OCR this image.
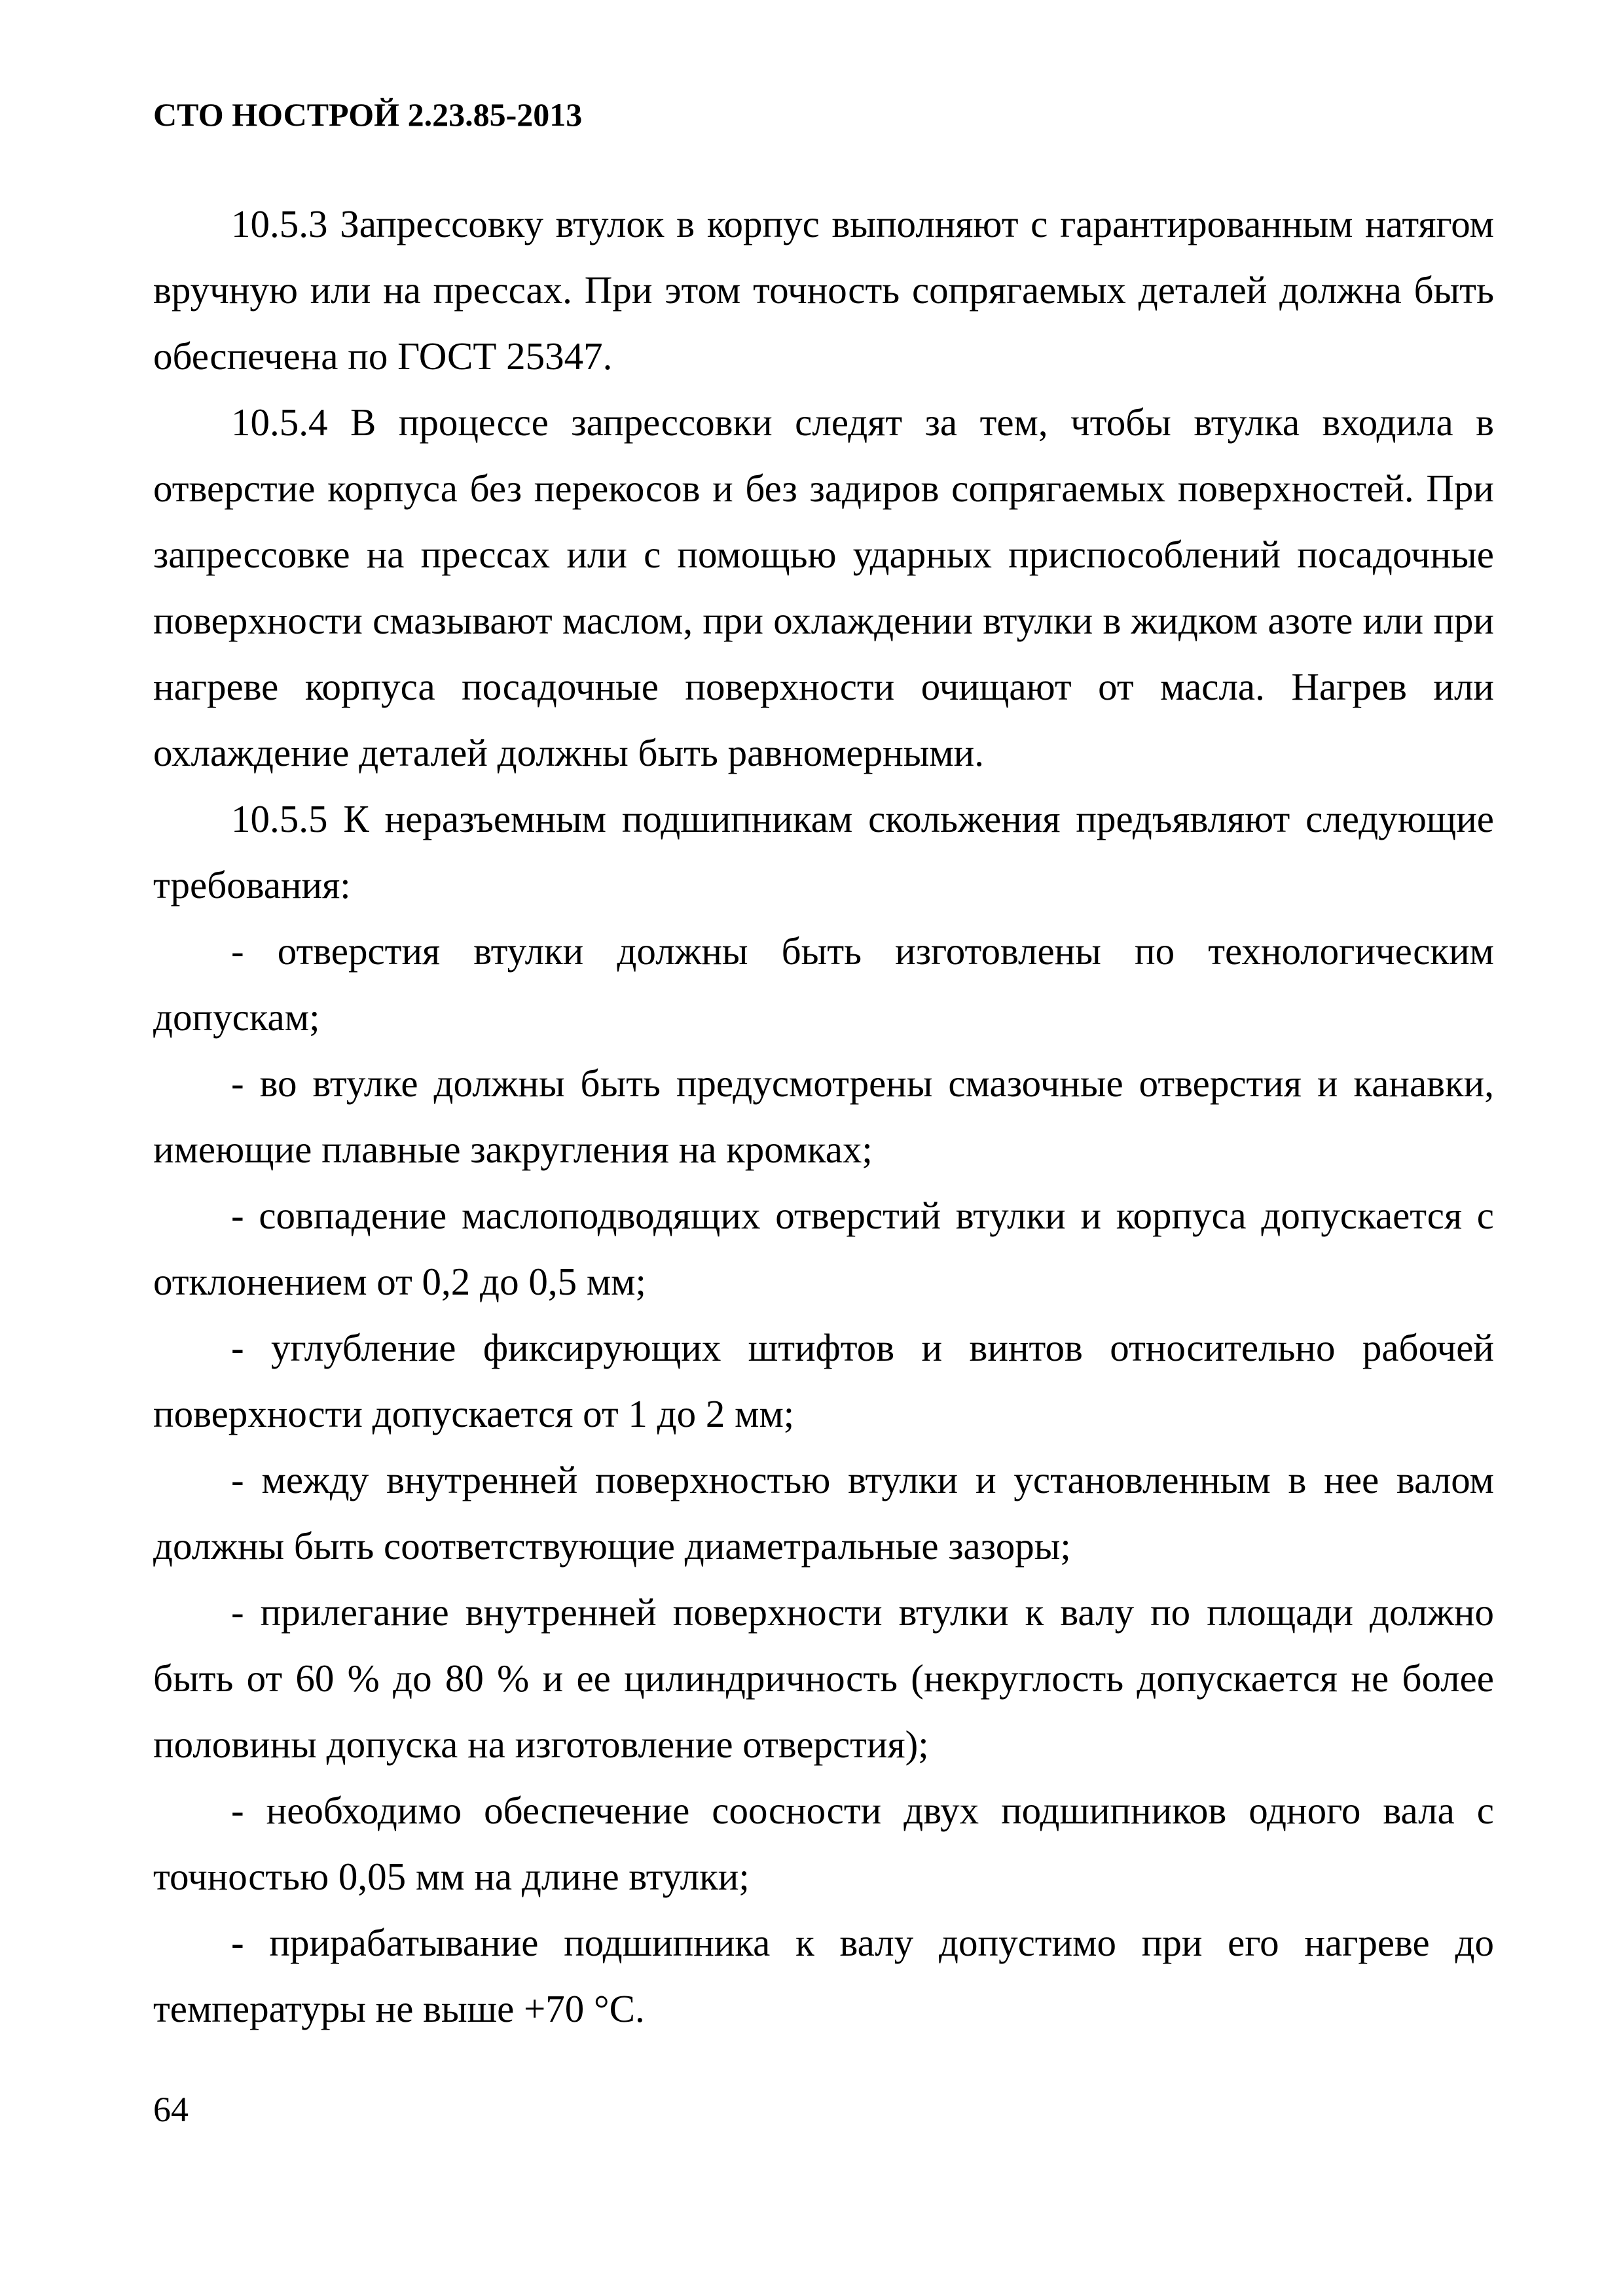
СТО НОСТРОЙ 2.23.85-2013

10.5.3 Запрессовку втулок в корпус выполняют с гарантированным натягом вручную или на прессах. При этом точность сопрягаемых деталей должна быть обеспечена по ГОСТ 25347.

10.5.4 В процессе запрессовки следят за тем, чтобы втулка входила в отверстие корпуса без перекосов и без задиров сопрягаемых поверхностей. При запрессовке на прессах или с помощью ударных приспособлений посадочные поверхности смазывают маслом, при охлаждении втулки в жидком азоте или при нагреве корпуса посадочные поверхности очищают от масла. Нагрев или охлаждение деталей должны быть равномерными.

10.5.5 К неразъемным подшипникам скольжения предъявляют следующие требования:

- отверстия втулки должны быть изготовлены по технологическим допускам;

- во втулке должны быть предусмотрены смазочные отверстия и канавки, имеющие плавные закругления на кромках;

- совпадение маслоподводящих отверстий втулки и корпуса допускается с отклонением от 0,2 до 0,5 мм;

- углубление фиксирующих штифтов и винтов относительно рабочей поверхности допускается от 1 до 2 мм;

- между внутренней поверхностью втулки и установленным в нее валом должны быть соответствующие диаметральные зазоры;

- прилегание внутренней поверхности втулки к валу по площади должно быть от 60 % до 80 % и ее цилиндричность (некруглость допускается не более половины допуска на изготовление отверстия);

- необходимо обеспечение соосности двух подшипников одного вала с точностью 0,05 мм на длине втулки;

- прирабатывание подшипника к валу допустимо при его нагреве до температуры не выше +70 °С.

64
